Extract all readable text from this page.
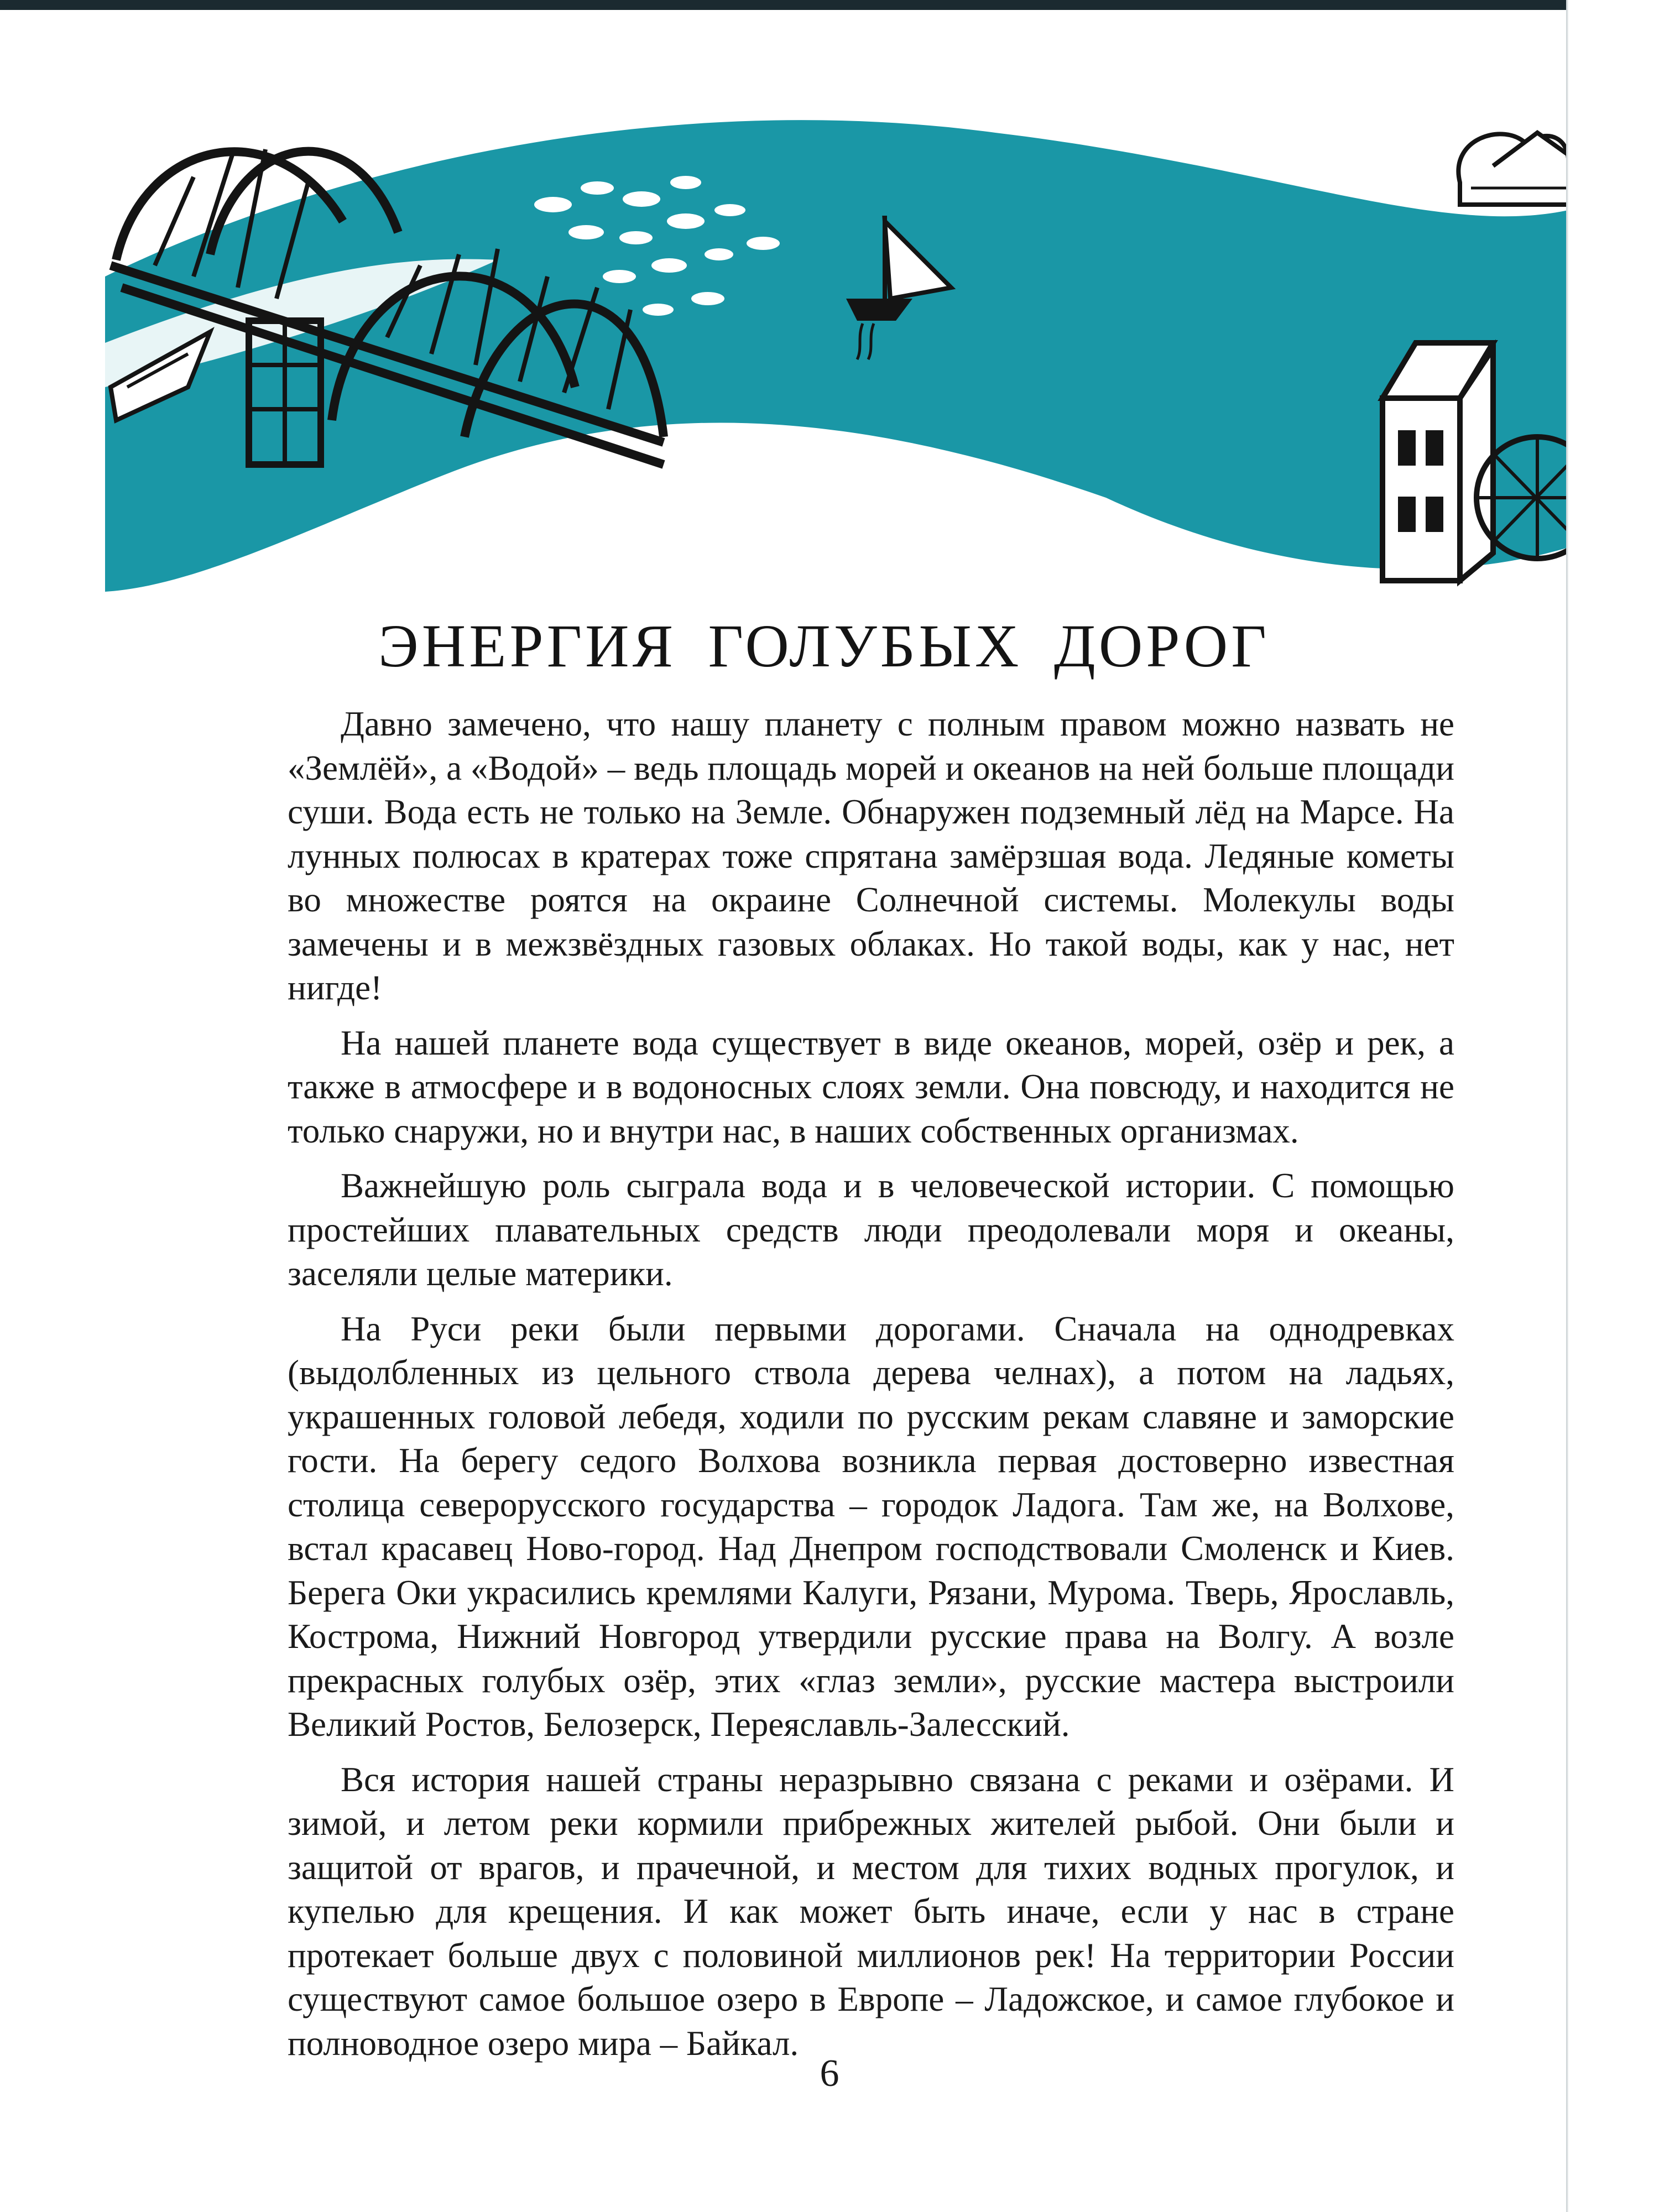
ЭНЕРГИЯ ГОЛУБЫХ ДОРОГ

Давно замечено, что нашу планету с полным правом можно назвать не «Землёй», а «Водой» – ведь площадь морей и океанов на ней больше площади суши. Вода есть не только на Земле. Обнаружен подземный лёд на Марсе. На лунных полюсах в кратерах тоже спрятана замёрзшая вода. Ледяные кометы во множестве роятся на окраине Солнечной системы. Молекулы воды замечены и в межзвёздных газовых облаках. Но такой воды, как у нас, нет нигде!

На нашей планете вода существует в виде океанов, морей, озёр и рек, а также в атмосфере и в водоносных слоях земли. Она повсюду, и находится не только снаружи, но и внутри нас, в наших собственных организмах.

Важнейшую роль сыграла вода и в человеческой истории. С помощью простейших плавательных средств люди преодолевали моря и океаны, заселяли целые материки.

На Руси реки были первыми дорогами. Сначала на однодревках (выдолбленных из цельного ствола дерева челнах), а потом на ладьях, украшенных головой лебедя, ходили по русским рекам славяне и заморские гости. На берегу седого Волхова возникла первая достоверно известная столица северорусского государства – городок Ладога. Там же, на Волхове, встал красавец Ново-город. Над Днепром господствовали Смоленск и Киев. Берега Оки украсились кремлями Калуги, Рязани, Мурома. Тверь, Ярославль, Кострома, Нижний Новгород утвердили русские права на Волгу. А возле прекрасных голубых озёр, этих «глаз земли», русские мастера выстроили Великий Ростов, Белозерск, Переяславль-Залесский.

Вся история нашей страны неразрывно связана с реками и озёрами. И зимой, и летом реки кормили прибрежных жителей рыбой. Они были и защитой от врагов, и прачечной, и местом для тихих водных прогулок, и купелью для крещения. И как может быть иначе, если у нас в стране протекает больше двух с половиной миллионов рек! На территории России существуют самое большое озеро в Европе – Ладожское, и самое глубокое и полноводное озеро мира – Байкал.

6
